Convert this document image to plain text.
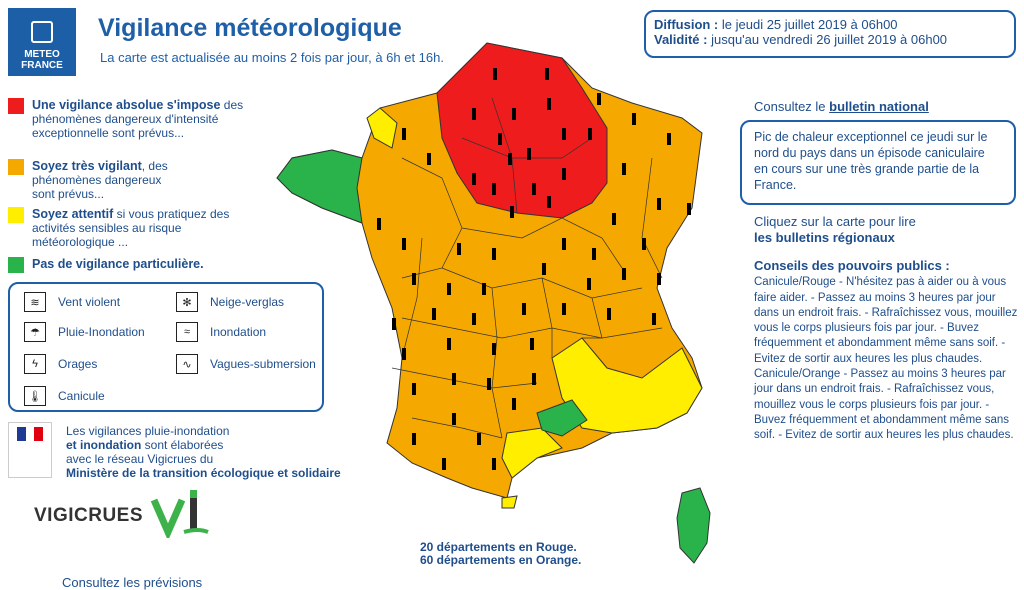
METEO
FRANCE
Vigilance météorologique
La carte est actualisée au moins 2 fois par jour, à 6h et 16h.
Diffusion : le jeudi 25 juillet 2019 à 06h00
Validité : jusqu'au vendredi 26 juillet 2019 à 06h00
Une vigilance absolue s'impose des phénomènes dangereux d'intensité exceptionnelle sont prévus...
Soyez très vigilant, des phénomènes dangereux sont prévus...
Soyez attentif si vous pratiquez des activités sensibles au risque météorologique ...
Pas de vigilance particulière.
≋	Vent violent	✻	Neige-verglas
☂	Pluie-Inondation	≈	Inondation
ϟ	Orages	∿	Vagues-submersion
🌡	Canicule
Les vigilances pluie-inondation
et inondation sont élaborées
avec le réseau Vigicrues du
Ministère de la transition écologique et solidaire
VIGICRUES
Consultez le bulletin national
Pic de chaleur exceptionnel ce jeudi sur le nord du pays dans un épisode caniculaire en cours sur une très grande partie de la France.
Cliquez sur la carte pour lire
les bulletins régionaux
Conseils des pouvoirs publics :
Canicule/Rouge - N'hésitez pas à aider ou à vous faire aider. - Passez au moins 3 heures par jour dans un endroit frais. - Rafraîchissez vous, mouillez vous le corps plusieurs fois par jour. - Buvez fréquemment et abondamment même sans soif. - Evitez de sortir aux heures les plus chaudes. Canicule/Orange - Passez au moins 3 heures par jour dans un endroit frais. - Rafraîchissez vous, mouillez vous le corps plusieurs fois par jour. - Buvez fréquemment et abondamment même sans soif. - Evitez de sortir aux heures les plus chaudes.
20 départements en Rouge.
60 départements en Orange.
Consultez les prévisions
